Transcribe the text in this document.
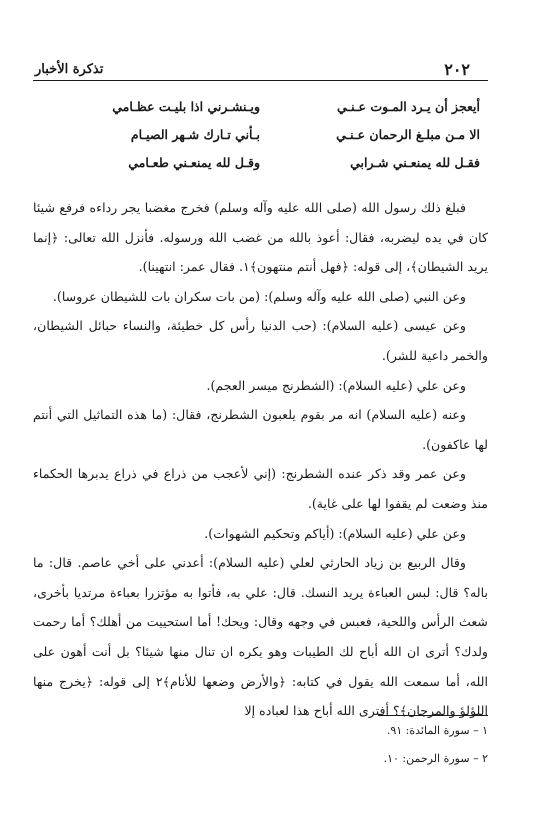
٢٠٢
تذكرة الأخبار
أيعجز أن يـرد المـوت عـنـي
ويـنشـرني اذا بليـت عظـامي
الا مـن مبلـغ الرحمان عـنـي
بـأني تـارك شـهر الصيـام
فقـل لله يمنعـني شـرابي
وقـل لله يمنعـني طعـامي

فبلغ ذلك رسول الله (صلى الله عليه وآله وسلم) فخرج مغضبا يجر رداءه فرفع شيئا كان في يده ليضربه، فقال: أعوذ بالله من غضب الله ورسوله. فأنزل الله تعالى: ﴿إنما يريد الشيطان﴾، إلى قوله: ﴿فهل أنتم منتهون﴾١. فقال عمر: انتهينا).

وعن النبي (صلى الله عليه وآله وسلم): (من بات سكران بات للشيطان عروسا).

وعن عيسى (عليه السلام): (حب الدنيا رأس كل خطيئة، والنساء حبائل الشيطان، والخمر داعية للشر).

وعن علي (عليه السلام): (الشطرنج ميسر العجم).

وعنه (عليه السلام) انه مر بقوم يلعبون الشطرنج، فقال: (ما هذه التماثيل التي أنتم لها عاكفون).

وعن عمر وقد ذكر عنده الشطرنج: (إني لأعجب من ذراع في ذراع يدبرها الحكماء منذ وضعت لم يقفوا لها على غاية).

وعن علي (عليه السلام): (أياكم وتحكيم الشهوات).

وقال الربيع بن زياد الحارثي لعلي (عليه السلام): أعدني على أخي عاصم. قال: ما باله؟ قال: لبس العباءة يريد النسك. قال: علي به، فأتوا به مؤتزرا بعباءة مرتديا بأخرى، شعث الرأس واللحية، فعبس في وجهه وقال: ويحك! أما استحييت من أهلك؟ أما رحمت ولدك؟ أترى ان الله أباح لك الطيبات وهو يكره ان تنال منها شيئا؟ بل أنت أهون على الله، أما سمعت الله يقول في كتابه: ﴿والأرض وضعها للأنام﴾٢ إلى قوله: ﴿يخرج منها اللؤلؤ والمرجان﴾؟ أفترى الله أباح هذا لعباده إلا

١ – سورة المائدة: ٩١.
٢ – سورة الرحمن: ١٠.
